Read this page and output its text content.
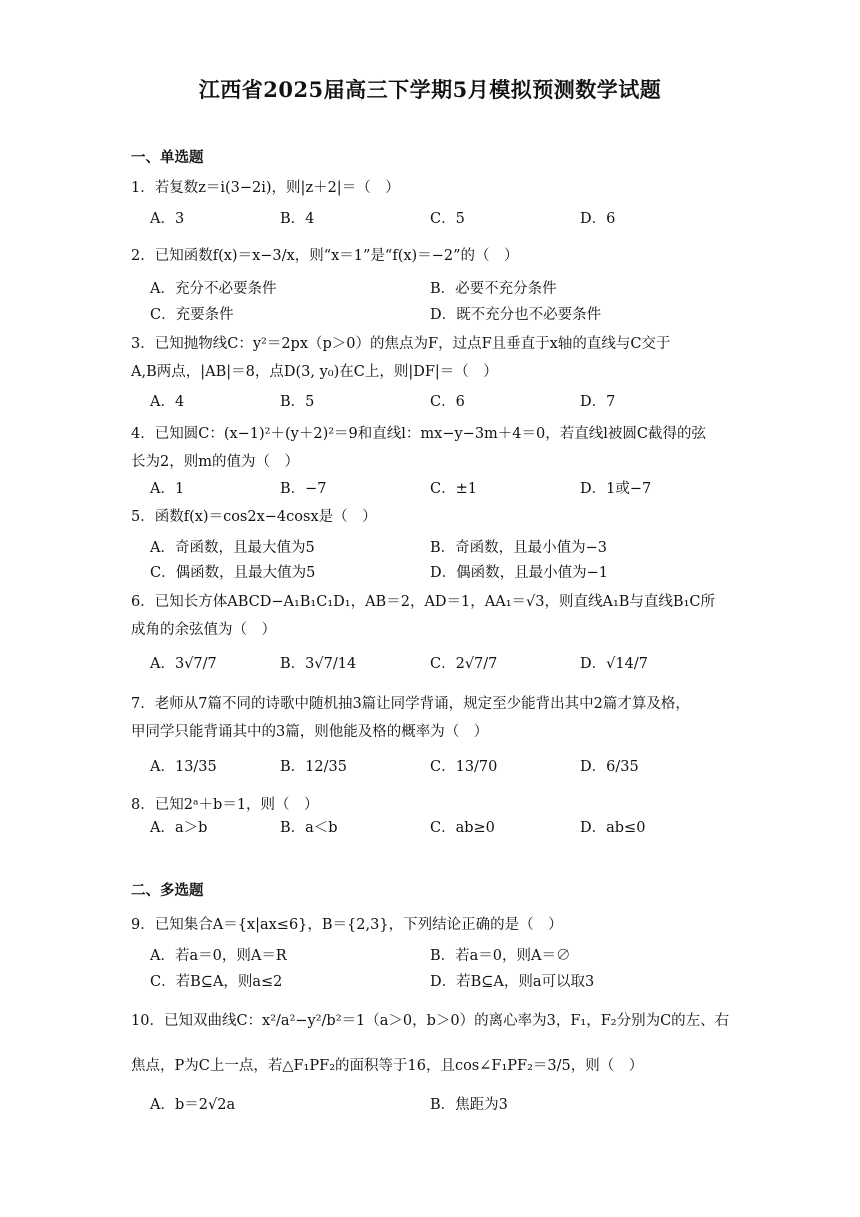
江西省2025届高三下学期5月模拟预测数学试题
一、单选题
1．若复数z＝i(3−2i)，则|z＋2|＝（　）
A．3	B．4	C．5	D．6
2．已知函数f(x)＝x−3/x，则“x＝1”是“f(x)＝−2”的（　）
A．充分不必要条件	B．必要不充分条件
C．充要条件	D．既不充分也不必要条件
3．已知抛物线C：y²＝2px（p＞0）的焦点为F，过点F且垂直于x轴的直线与C交于
A,B两点，|AB|＝8，点D(3, y₀)在C上，则|DF|＝（　）
A．4	B．5	C．6	D．7
4．已知圆C：(x−1)²＋(y＋2)²＝9和直线l：mx−y−3m＋4＝0，若直线l被圆C截得的弦
长为2，则m的值为（　）
A．1	B．−7	C．±1	D．1或−7
5．函数f(x)＝cos2x−4cosx是（　）
A．奇函数，且最大值为5	B．奇函数，且最小值为−3
C．偶函数，且最大值为5	D．偶函数，且最小值为−1
6．已知长方体ABCD−A₁B₁C₁D₁，AB＝2，AD＝1，AA₁＝√3，则直线A₁B与直线B₁C所
成角的余弦值为（　）
A．3√7/7	B．3√7/14	C．2√7/7	D．√14/7
7．老师从7篇不同的诗歌中随机抽3篇让同学背诵，规定至少能背出其中2篇才算及格，
甲同学只能背诵其中的3篇，则他能及格的概率为（　）
A．13/35	B．12/35	C．13/70	D．6/35
8．已知2ᵃ＋b＝1，则（　）
A．a＞b	B．a＜b	C．ab≥0	D．ab≤0
二、多选题
9．已知集合A＝{x|ax≤6}，B＝{2,3}，下列结论正确的是（　）
A．若a＝0，则A＝R	B．若a＝0，则A＝∅
C．若B⊆A，则a≤2	D．若B⊆A，则a可以取3
10．已知双曲线C：x²/a²−y²/b²＝1（a＞0，b＞0）的离心率为3，F₁，F₂分别为C的左、右
焦点，P为C上一点，若△F₁PF₂的面积等于16，且cos∠F₁PF₂＝3/5，则（　）
A．b＝2√2a	B．焦距为3
